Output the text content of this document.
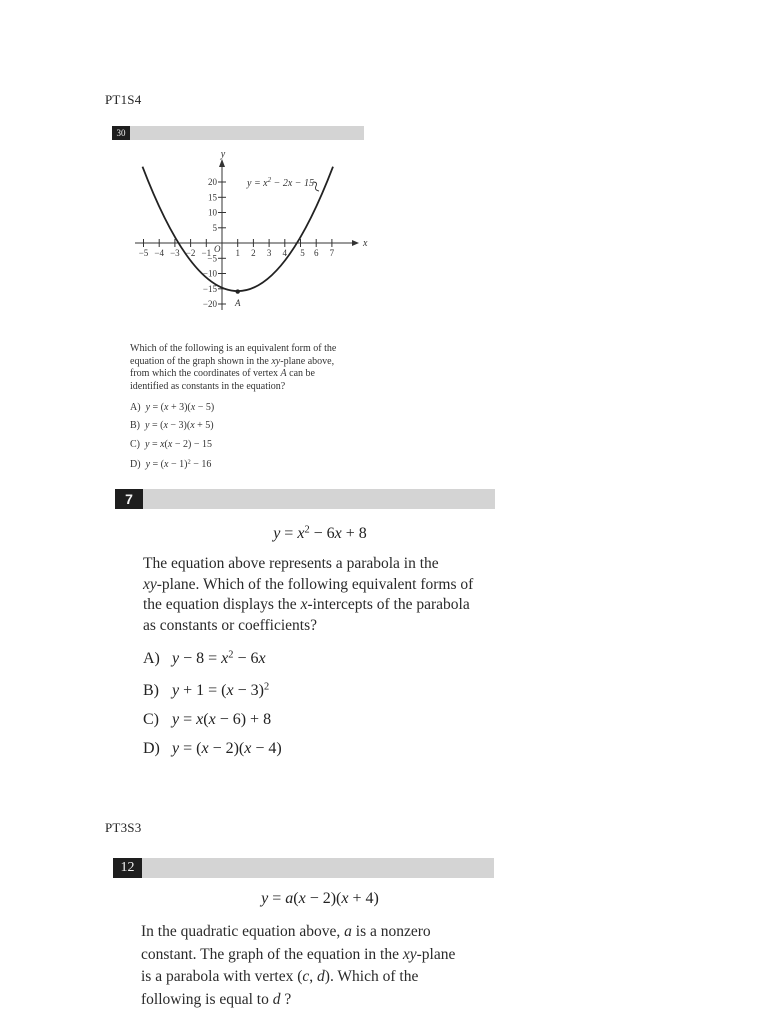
PT1S4
30
−5 −4 −3 −2 −1	1 2 3 4 5 6 7
20
15
10
5
−5
−10
−15
−20
y
x
O
A
$y = x^2 - 2x - 15$
Which of the following is an equivalent form of the
equation of the graph shown in the xy-plane above,
from which the coordinates of vertex A can be
identified as constants in the equation?
A) y = (x + 3)(x − 5)
B) y = (x − 3)(x + 5)
C) y = x(x − 2) − 15
D) $y = (x - 1)^2 - 16$
7
$y = x^2 - 6x + 8$
The equation above represents a parabola in the
xy-plane. Which of the following equivalent forms of
the equation displays the x-intercepts of the parabola
as constants or coefficients?
A) $y - 8 = x^2 - 6x$
B) $y + 1 = (x - 3)^2$
C) y = x(x − 6) + 8
D) y = (x − 2)(x − 4)
PT3S3
12
y = a(x − 2)(x + 4)
In the quadratic equation above, a is a nonzero
constant. The graph of the equation in the xy-plane
is a parabola with vertex (c, d). Which of the
following is equal to d ?
